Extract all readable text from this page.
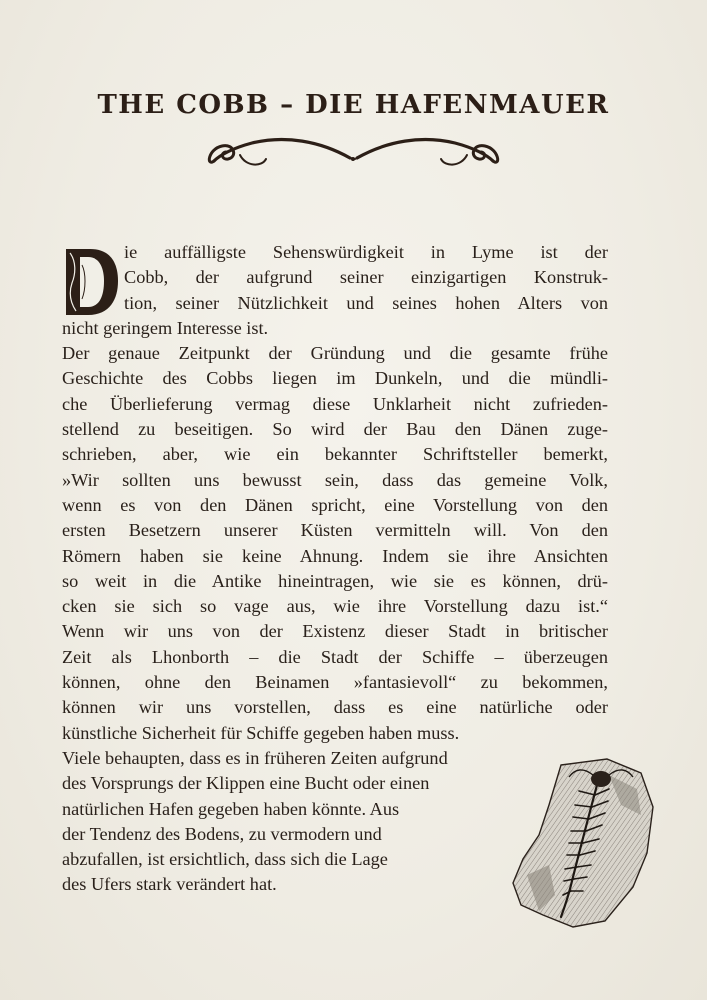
THE COBB – DIE HAFENMAUER
D
ie auffälligste Sehenswürdigkeit in Lyme ist der
Cobb, der aufgrund seiner einzigartigen Konstruk-
tion, seiner Nützlichkeit und seines hohen Alters von
nicht geringem Interesse ist.
Der genaue Zeitpunkt der Gründung und die gesamte frühe
Geschichte des Cobbs liegen im Dunkeln, und die mündli-
che Überlieferung vermag diese Unklarheit nicht zufrieden-
stellend zu beseitigen. So wird der Bau den Dänen zuge-
schrieben, aber, wie ein bekannter Schriftsteller bemerkt,
»Wir sollten uns bewusst sein, dass das gemeine Volk,
wenn es von den Dänen spricht, eine Vorstellung von den
ersten Besetzern unserer Küsten vermitteln will. Von den
Römern haben sie keine Ahnung. Indem sie ihre Ansichten
so weit in die Antike hineintragen, wie sie es können, drü-
cken sie sich so vage aus, wie ihre Vorstellung dazu ist.“
Wenn wir uns von der Existenz dieser Stadt in britischer
Zeit als Lhonborth – die Stadt der Schiffe – überzeugen
können, ohne den Beinamen »fantasievoll“ zu bekommen,
können wir uns vorstellen, dass es eine natürliche oder
künstliche Sicherheit für Schiffe gegeben haben muss.
Viele behaupten, dass es in früheren Zeiten aufgrund
des Vorsprungs der Klippen eine Bucht oder einen
natürlichen Hafen gegeben haben könnte. Aus
der Tendenz des Bodens, zu vermodern und
abzufallen, ist ersichtlich, dass sich die Lage
des Ufers stark verändert hat.
